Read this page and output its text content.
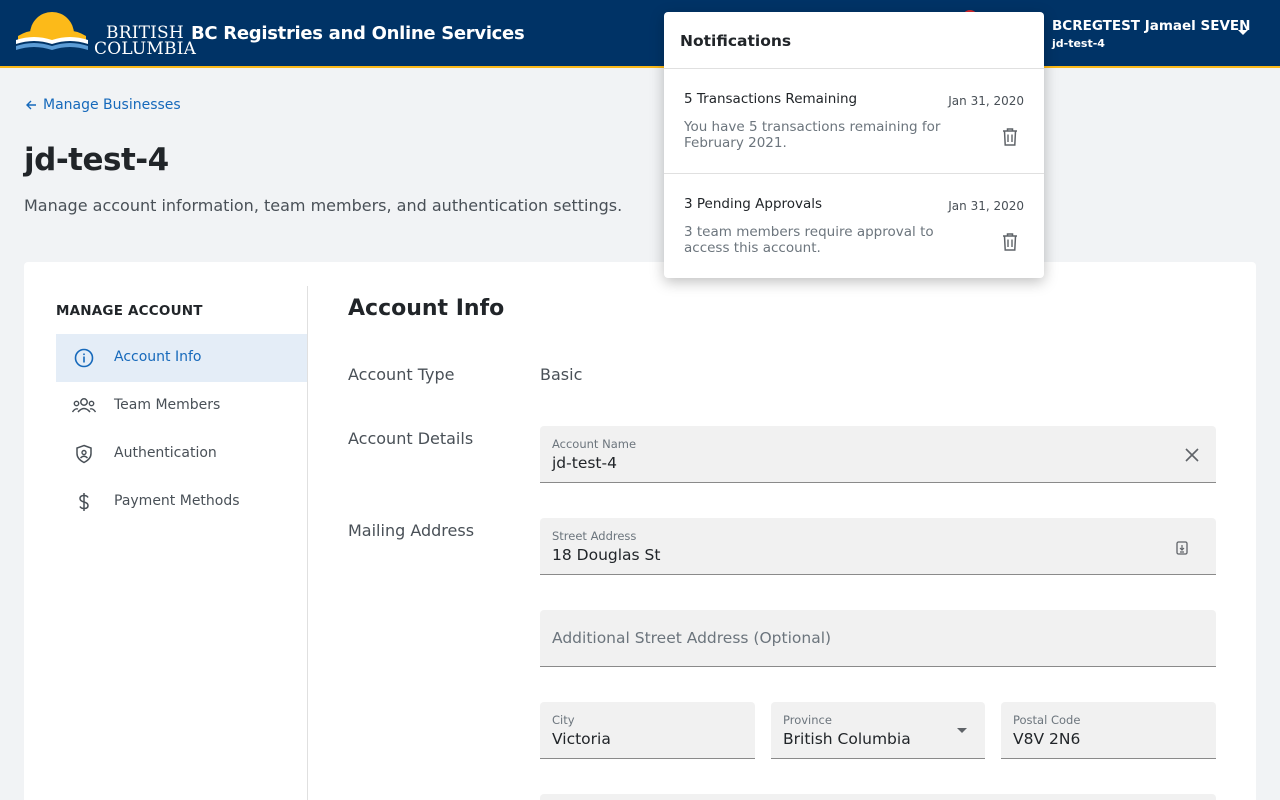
BRITISH
COLUMBIA
BC Registries and Online Services	BCREGTEST Jamael SEVEN
jd-test-4
Manage Businesses
jd-test-4
Manage account information, team members, and authentication settings.
MANAGE ACCOUNT
Account Info
Team Members
Authentication
Payment Methods
Account Info
Account Type	Basic
Account Details	Account Name
jd-test-4
Mailing Address	Street Address
18 Douglas St
Additional Street Address (Optional)
City
Victoria
Province
British Columbia
Postal Code
V8V 2N6
Notifications
5 Transactions Remaining	Jan 31, 2020
You have 5 transactions remaining for February 2021.
3 Pending Approvals	Jan 31, 2020
3 team members require approval to access this account.
